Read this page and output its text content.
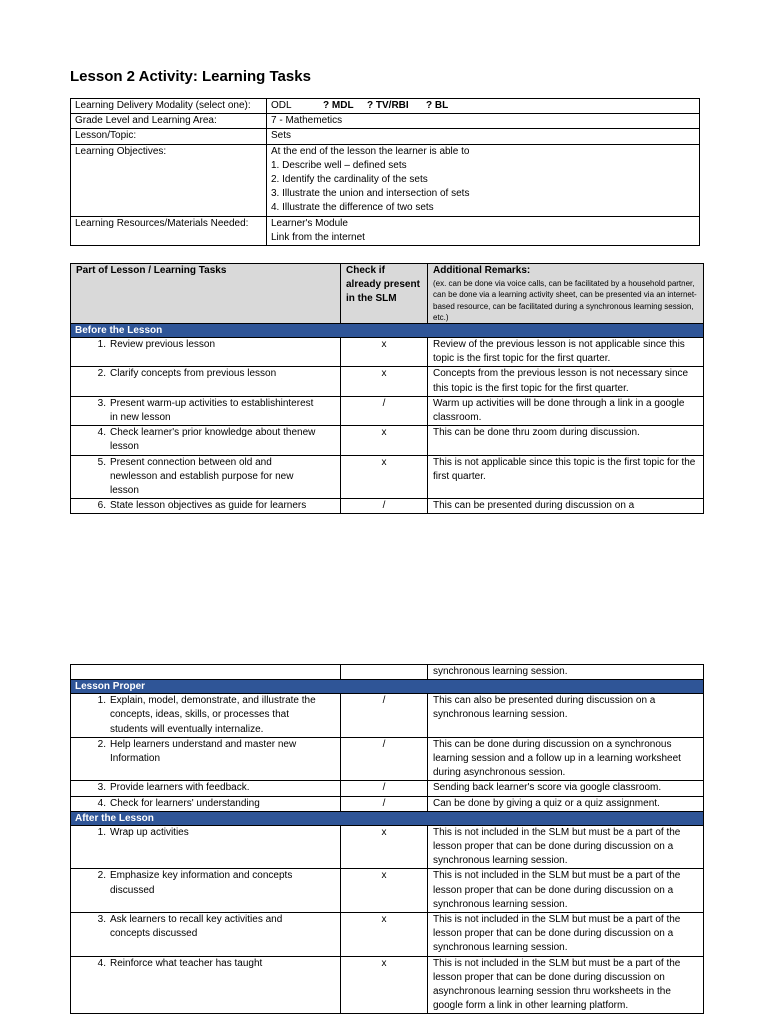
Lesson 2 Activity: Learning Tasks
Learning Delivery Modality (select one):	ODL ? MDL ? TV/RBI ? BL
Grade Level and Learning Area:	7 - Mathemetics
Lesson/Topic:	Sets
Learning Objectives:	At the end of the lesson the learner is able to
1. Describe well – defined sets
2. Identify the cardinality of the sets
3. Illustrate the union and intersection of sets
4. Illustrate the difference of two sets

Learning Resources/Materials Needed:	Learner's Module
Link from the internet
Part of Lesson / Learning Tasks	Check if already present in the SLM	Additional Remarks:
(ex. can be done via voice calls, can be facilitated by a household partner, can be done via a learning activity sheet, can be presented via an internet- based resource, can be facilitated during a synchronous learning session, etc.)

Before the Lesson		
1. Review previous lesson	x	Review of the previous lesson is not applicable since this topic is the first topic for the first quarter.
2. Clarify concepts from previous lesson	x	Concepts from the previous lesson is not necessary since this topic is the first topic for the first quarter.
3. Present warm-up activities to establishinterest in new lesson	/	Warm up activities will be done through a link in a google classroom.
4. Check learner's prior knowledge about thenew lesson	x	This can be done thru zoom during discussion.
5. Present connection between old and newlesson and establish purpose for new lesson	x	This is not applicable since this topic is the first topic for the first quarter.
6. State lesson objectives as guide for learners	/	This can be presented during discussion on a
		synchronous learning session.
Lesson Proper		
1. Explain, model, demonstrate, and illustrate the concepts, ideas, skills, or processes that students will eventually internalize.	/	This can also be presented during discussion on a synchronous learning session.
2. Help learners understand and master new Information	/	This can be done during discussion on a synchronous learning session and a follow up in a learning worksheet during asynchronous session.
3. Provide learners with feedback.	/	Sending back learner's score via google classroom.
4. Check for learners' understanding	/	Can be done by giving a quiz or a quiz assignment.
After the Lesson		
1. Wrap up activities	x	This is not included in the SLM but must be a part of the lesson proper that can be done during discussion on a synchronous learning session.
2. Emphasize key information and concepts discussed	x	This is not included in the SLM but must be a part of the lesson proper that can be done during discussion on a synchronous learning session.
3. Ask learners to recall key activities and concepts discussed	x	This is not included in the SLM but must be a part of the lesson proper that can be done during discussion on a synchronous learning session.
4. Reinforce what teacher has taught	x	This is not included in the SLM but must be a part of the lesson proper that can be done during discussion on asynchronous learning session thru worksheets in the google form a link in other learning platform.
